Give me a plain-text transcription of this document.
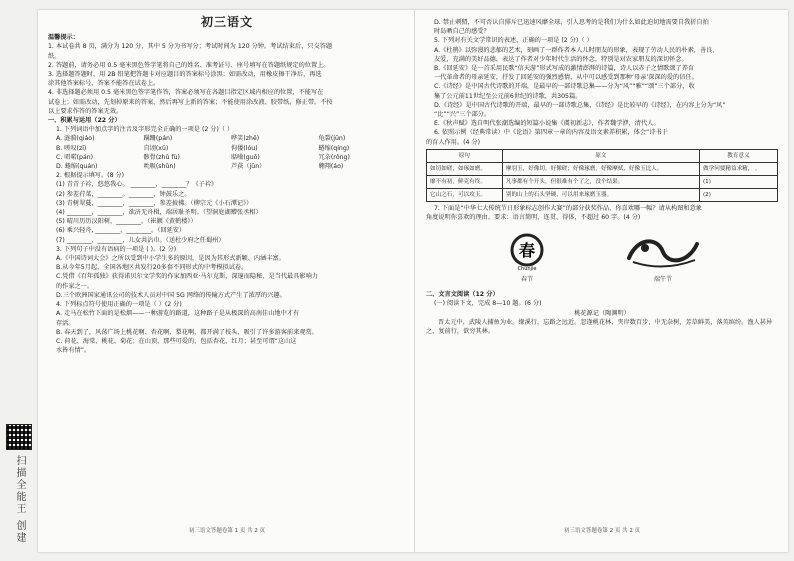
扫描全能王 创建
初三语文

温馨提示：

1. 本试卷共 8 页，满分为 120 分，其中 5 分为书写分；考试时间为 120 分钟。考试结束后，只交答题

纸。

2. 答题前，请务必用 0.5 毫米黑色签字笔将自己的姓名、准考证号、座号填写在答题纸规定的位置上。

3. 选择题答题时，用 2B 铅笔把答题卡对应题目的答案标号涂黑；如需改动，用橡皮擦干净后，再选

涂其他答案标号，答案不能答在试卷上。

4. 非选择题必须用 0.5 毫米黑色签字笔作答，答案必须写在各题目指定区域内相应的位置，不能写在

试卷上；如需改动，先划掉原来的答案，然后再写上新的答案；不能使用涂改液、胶带纸、修正带。不按

以上要求作答的答案无效。

一、积累与运用（22 分）

1. 下列词语中加点字的注音及字形完全正确的一项是 (2 分)（ ）

A. 涟漪(qiáo)	蹒跚(pán)	哗笑(zhē)	龟裂(jūn)
B. 嗟叹(zī)	自诩(xǔ)	佝偻(lóu)	蜷缩(qíng)
C. 唱喏(pán)	骸骨(zhǔ fù)	聒噪(guō)	冗杂(rǒng)
D. 蜷缩(quán)	吮吸(shǔn)	芦荻（jūn）	翱翔(áo)

2. 根据提示填写。(8 分)

(1) 青青子衿，悠悠我心。 ________，________？《子衿》

(2) 参差荇菜，________。________，钟鼓乐之。

(3) 青树翠蔓，________，________，参差披拂。（柳宗元《小石潭记》）

(4) ________，________，欲济无舟楫，端居耻圣明。（望洞庭湖赠张丞相）

(5) 晴川历历汉阳树，________。（崔颢《黄鹤楼》）

(6) 乘兴轻舟, ________，________。（回延安）

(7) ________，________，儿女共沾巾。（送杜少府之任蜀州）

3. 下列句子中没有语病的一项是 ( )。(2 分)

A.《中国诗词大会》之所以受到中小学生多的原因，是因为其形式新颖、内涵丰富。

B.从今年5月起，全国各地区共发行20多套不同形式的中考模拟试卷。

C.凭借《百年孤独》获得诺贝尔文学奖的作家加西亚·马尔克斯，深邃而隐秘，是当代最具影响力

的作家之一。

D.三个欧洲国家通讯公司的技术人员对中国 5G 网络的传输方式产生了浓厚的兴趣。

4. 下列标点符号使用正确的一项是（ ）(2 分)

A. 走马在松竹下面的是松烟——一种游览的路道，这种路子是从极深的高南佳山地中才有

存活。

B. 春天到了，风荡广场上桃花啊、杏花啊、梨花啊，都开满了枝头，吸引了许多游客前来观赏。

C. 荷花、海棠、桃花、菊花；在山顶，那些可爱的，包括杏花、红月；甚至可谓“这山这

水皆有情”。

初三语文答题卷第 1 页 共 2 页

D. 禁止刺猬，不可否认自排斥已迅速风靡全球，引人思考的是我们为什么如此迫切地需要自我折自拍

时岛晒自己的感受？

5. 下列对有关文学常识的表述，正确的一项是 (2 分)（ ）

A.《杜鹃》以弥漫的悲郁的艺术，刻画了一群作者本人儿时朋友的形象，表现了劳动人民的朴素，善良、

友爱，充满的美好品德，表达了作者对少年时代生活的怀念，特别是对农家朋友的深切怀念。

B.《回延安》是一首采用民歌“信天游”形式写成的激情澎湃的诗篇，诗人以赤子之情歌颂了养育

一代革命者的母亲延安，抒发了回延安的强烈感情，从中可以感受到那种‘母亲’深深的爱的信任。

C.《诗经》是中国古代诗歌的开端，是最早的一部诗歌总集——分为“风”“雅”“颂”三个部分，收

集了公元前11世纪至公元前6世纪的诗歌，共305篇。

D.《诗经》是中国古代诗歌的开端，最早的一部诗歌总集，《诗经》是比较早的《诗经》，在内容上分为“风”

“比”“兴”三个部分。

E.《秋声赋》选自明代张潮选编的短篇小说集《虞初新志》，作者魏学洢，清代人。

6. 依照示例（经典常读）中《论语》第四章一章的内容及语文素养积累，体会“诗书于

的育人作用。(4 分)

原句	原文	教育意义
如切如磋，如琢如磨。	摩羽玉，好像切，好像磋；好像琢磨，好像摩拭，好像玉比人。	做学问要精益求精， 。
靡不有初，鲜克有终。	凡事都有个开头，但很难有个了之，没个结果。	(1)
它山之石，可以攻玉。	别的山上的石头坚硬，可以用来琢磨玉器。	(2)

7. 下面是“中华七大传统节日形象标志创作大赛”的部分获奖作品，你喜欢哪一幅？请从构图和意象

角度说明你喜欢的理由。要求：语言简明、连贯、得体，不超过 60 字。(4 分)

春
Chunjie
春节	端午节

二、文言文阅读（12 分）

(一) 阅读下文，完成 8—10 题。(6 分)

桃花源记（陶渊明）

晋太元中，武陵人捕鱼为业。缘溪行，忘路之远近。忽逢桃花林，夹岸数百步，中无杂树，芳草鲜美，落英缤纷。渔人甚异之，复前行，欲穷其林。

初三语文答题卷第 2 页 共 2 页
